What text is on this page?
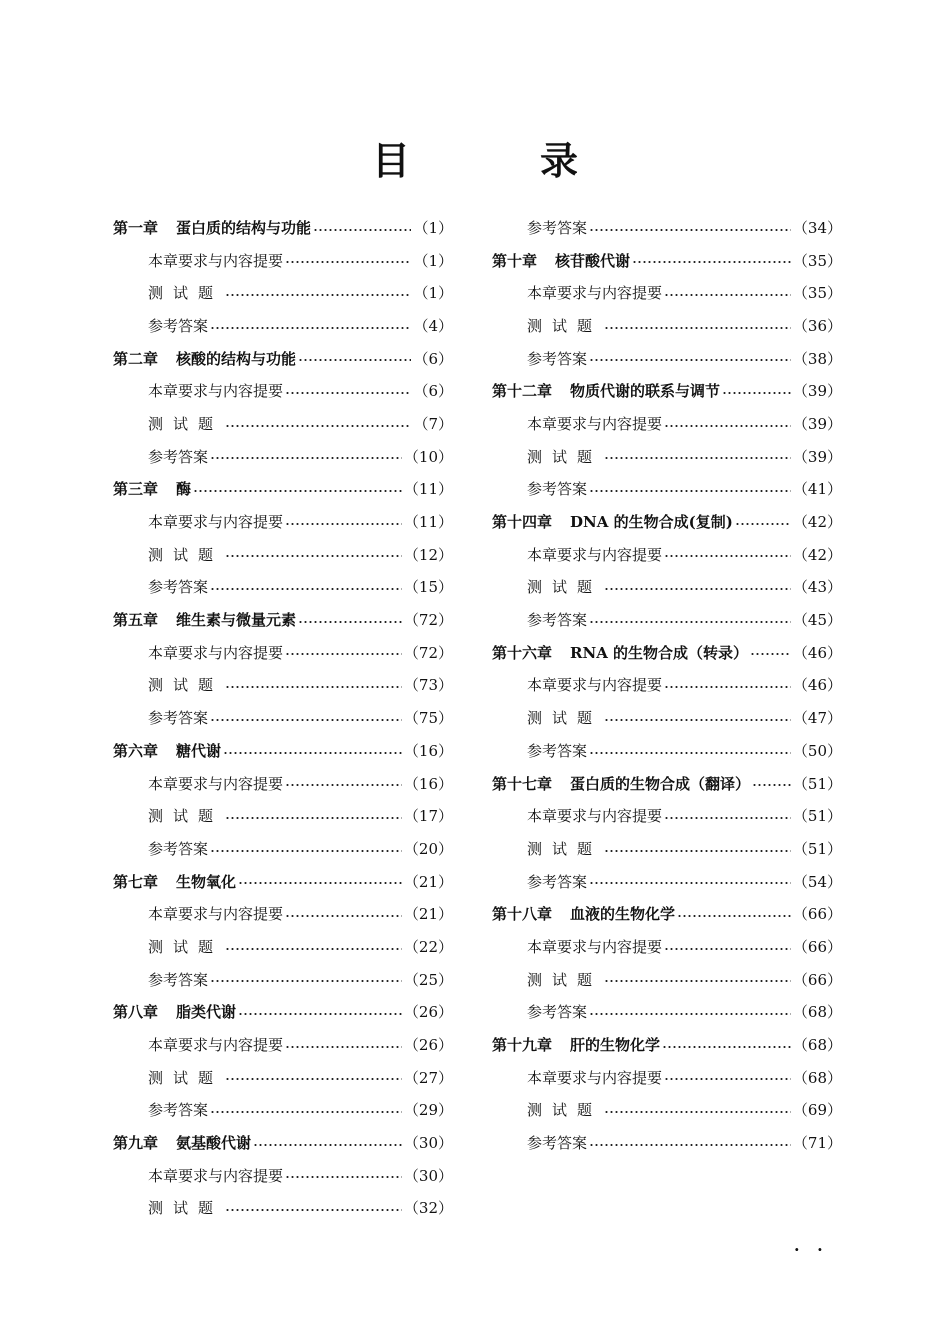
目　录
第一章 蛋白质的结构与功能	（1）
本章要求与内容提要	（1）
测试题	（1）
参考答案	（4）
第二章 核酸的结构与功能	（6）
本章要求与内容提要	（6）
测试题	（7）
参考答案	（10）
第三章 酶	（11）
本章要求与内容提要	（11）
测试题	（12）
参考答案	（15）
第五章 维生素与微量元素	（72）
本章要求与内容提要	（72）
测试题	（73）
参考答案	（75）
第六章 糖代谢	（16）
本章要求与内容提要	（16）
测试题	（17）
参考答案	（20）
第七章 生物氧化	（21）
本章要求与内容提要	（21）
测试题	（22）
参考答案	（25）
第八章 脂类代谢	（26）
本章要求与内容提要	（26）
测试题	（27）
参考答案	（29）
第九章 氨基酸代谢	（30）
本章要求与内容提要	（30）
测试题	（32）
参考答案	（34）
第十章 核苷酸代谢	（35）
本章要求与内容提要	（35）
测试题	（36）
参考答案	（38）
第十二章 物质代谢的联系与调节	（39）
本章要求与内容提要	（39）
测试题	（39）
参考答案	（41）
第十四章 DNA 的生物合成(复制)	（42）
本章要求与内容提要	（42）
测试题	（43）
参考答案	（45）
第十六章 RNA 的生物合成（转录）	（46）
本章要求与内容提要	（46）
测试题	（47）
参考答案	（50）
第十七章 蛋白质的生物合成（翻译）	（51）
本章要求与内容提要	（51）
测试题	（51）
参考答案	（54）
第十八章 血液的生物化学	（66）
本章要求与内容提要	（66）
测试题	（66）
参考答案	（68）
第十九章 肝的生物化学	（68）
本章要求与内容提要	（68）
测试题	（69）
参考答案	（71）
· ·
